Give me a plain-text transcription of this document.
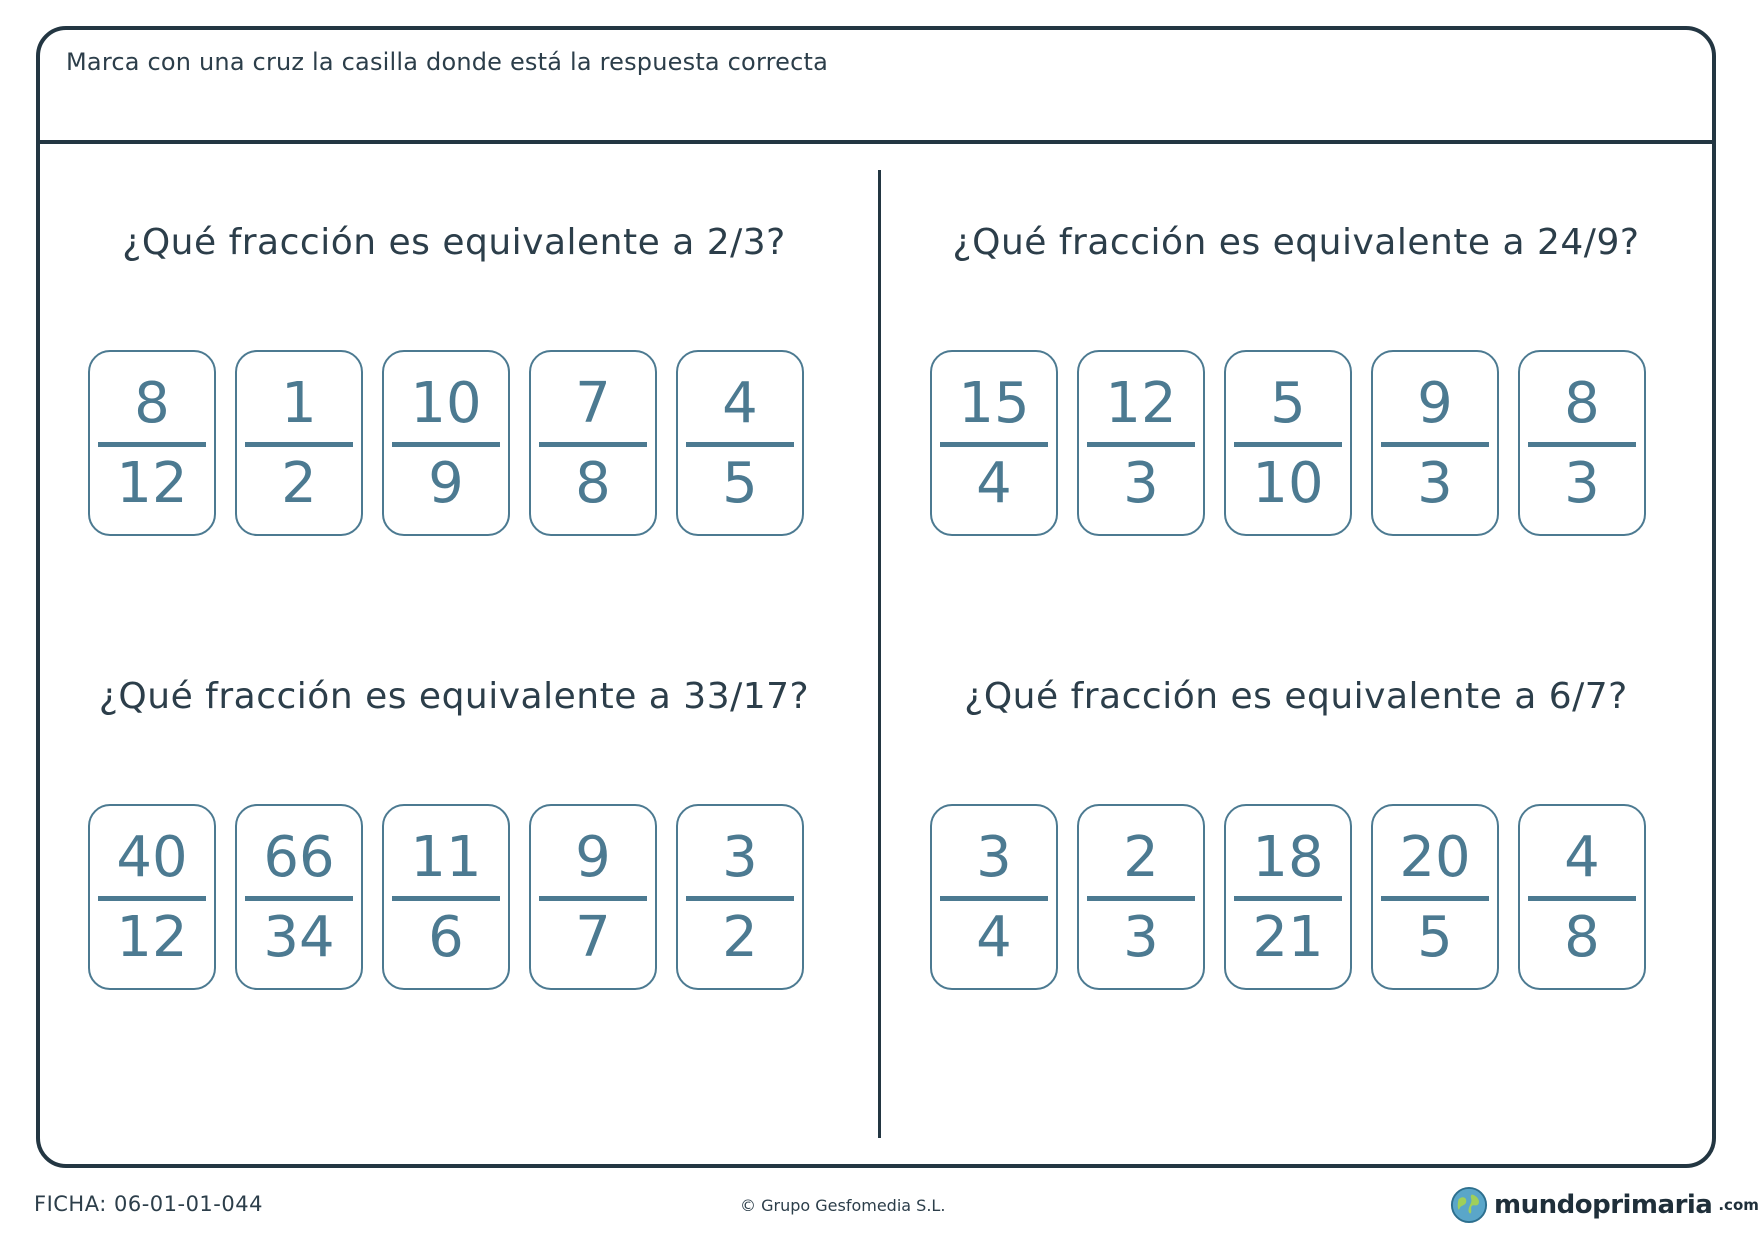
Marca con una cruz la casilla donde está la respuesta correcta
¿Qué fracción es equivalente a 2/3?
8
12
1
2
10
9
7
8
4
5
¿Qué fracción es equivalente a 24/9?
15
4
12
3
5
10
9
3
8
3
¿Qué fracción es equivalente a 33/17?
40
12
66
34
11
6
9
7
3
2
¿Qué fracción es equivalente a 6/7?
3
4
2
3
18
21
20
5
4
8
FICHA: 06-01-01-044	© Grupo Gesfomedia S.L.	mundoprimaria .com
